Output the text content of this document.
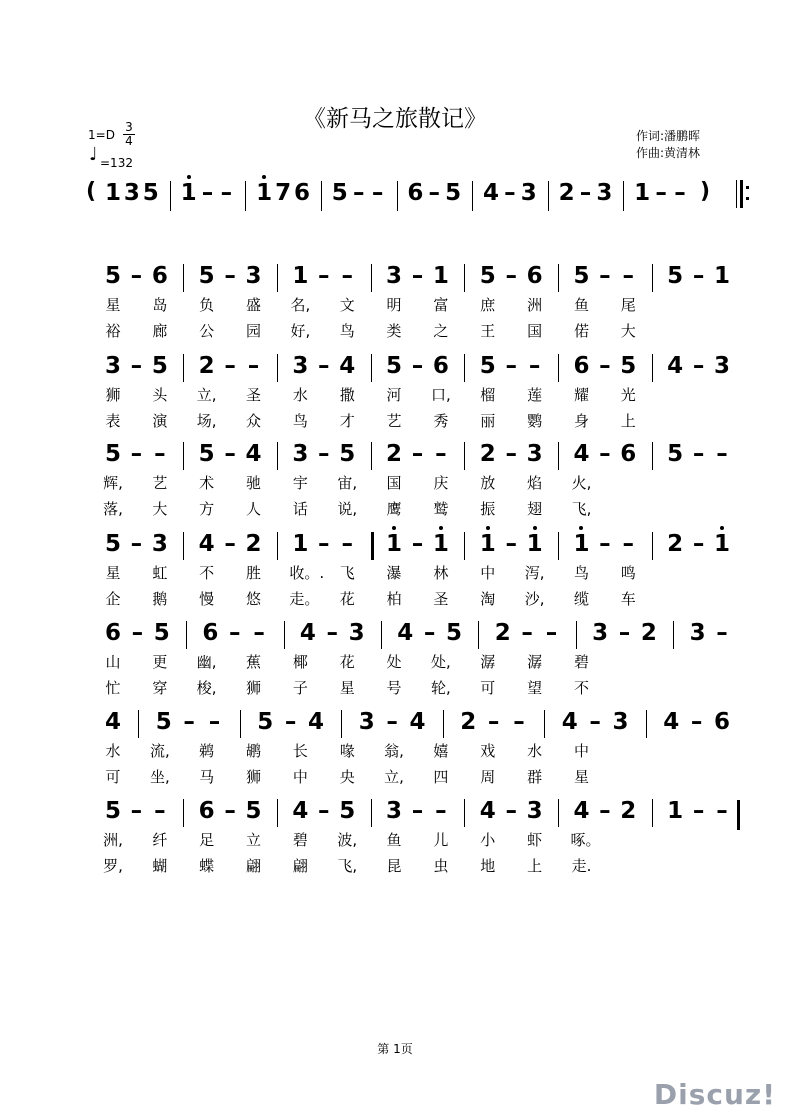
《新马之旅散记》
$1=D \frac{3}{4}$
♩ =132
作词:潘鹏晖
作曲:黄清林
( 1 3 5 1 – – 1 7 6 5 – – 6 – 5 4 – 3 2 – 3 1 – – )
5 – 6 5 – 3 1 – – 3 – 1 5 – 6 5 – – 5 – 1
星 岛 负 盛 名, 文 明 富 庶 洲 鱼 尾
裕 廊 公 园 好, 鸟 类 之 王 国 偌 大
3 – 5 2 – – 3 – 4 5 – 6 5 – – 6 – 5 4 – 3
狮 头 立, 圣 水 撒 河 口, 榴 莲 耀 光
表 演 场, 众 鸟 才 艺 秀 丽 鹦 身 上
5 – – 5 – 4 3 – 5 2 – – 2 – 3 4 – 6 5 – –
辉, 艺 术 驰 宇 宙, 国 庆 放 焰 火,
落, 大 方 人 话 说, 鹰 鹫 振 翅 飞,
5 – 3 4 – 2 1 – – 1 – 1 1 – 1 1 – – 2 – 1
星 虹 不 胜 收。. 飞 瀑 林 中 泻, 鸟 鸣
企 鹅 慢 悠 走。 花 柏 圣 淘 沙, 缆 车
6 – 5 6 – – 4 – 3 4 – 5 2 – – 3 – 2 3 –
山 更 幽, 蕉 椰 花 处 处, 潺 潺 碧
忙 穿 梭, 狮 子 星 号 轮, 可 望 不
4 5 – – 5 – 4 3 – 4 2 – – 4 – 3 4 – 6
水 流, 鹈 鹕 长 喙 翁, 嬉 戏 水 中
可 坐, 马 狮 中 央 立, 四 周 群 星
5 – – 6 – 5 4 – 5 3 – – 4 – 3 4 – 2 1 – –
洲, 纤 足 立 碧 波, 鱼 儿 小 虾 啄。
罗, 蝴 蝶 翩 翩 飞, 昆 虫 地 上 走.
第 1页
Discuz!
